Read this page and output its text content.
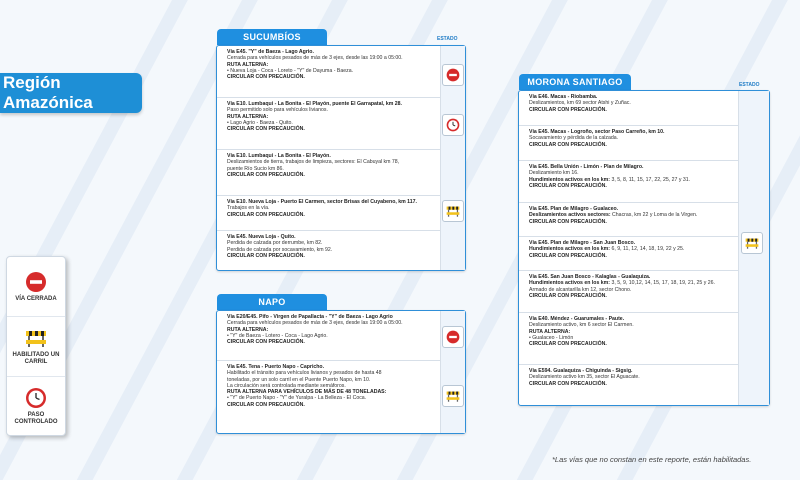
Región Amazónica
VÍA CERRADA
HABILITADO UN CARRIL
PASO CONTROLADO
SUCUMBÍOS	ESTADO
Vía E45. "Y" de Baeza - Lago Agrio.
Cerrada para vehículos pesados de más de 3 ejes, desde las 19:00 a 05:00.
RUTA ALTERNA:
• Nueva Loja - Coca - Loreto - "Y" de Dayuma - Baeza.
CIRCULAR CON PRECAUCIÓN.
Vía E10. Lumbaqui - La Bonita - El Playón, puente El Garrapatal, km 28.
Paso permitido solo para vehículos livianos.
RUTA ALTERNA:
• Lago Agrio - Baeza - Quito.
CIRCULAR CON PRECAUCIÓN.
Vía E10. Lumbaqui - La Bonita - El Playón.
Deslizamientos de tierra, trabajos de limpieza, sectores: El Cabuyal km 78,
puente Río Sucio km 86.
CIRCULAR CON PRECAUCIÓN.
Vía E10. Nueva Loja - Puerto El Carmen, sector Brisas del Cuyabeno, km 117.
Trabajos en la vía.
CIRCULAR CON PRECAUCIÓN.
Vía E45. Nueva Loja - Quito.
Perdida de calzada por derrumbe, km 82.
Perdida de calzada por socavamiento, km 92.
CIRCULAR CON PRECAUCIÓN.
NAPO
Vía E20/E45. Pifo - Virgen de Papallacta - "Y" de Baeza - Lago Agrio
Cerrada para vehículos pesados de más de 3 ejes, desde las 19:00 a 05:00.
RUTA ALTERNA:
• "Y" de Baeza - Lotero - Coca - Lago Agrio.
CIRCULAR CON PRECAUCIÓN.
Vía E45. Tena - Puerto Napo - Capricho.
Habilitado el tránsito para vehículos livianos y pesados de hasta 48
toneladas, por un solo carril en el Puente Puerto Napo, km 10.
La circulación será controlada mediante semáforos.
RUTA ALTERNA PARA VEHÍCULOS DE MÁS DE 48 TONELADAS:
• "Y" de Puerto Napo - "Y" de Yuralpa - La Belleza - El Coca.
CIRCULAR CON PRECAUCIÓN.
MORONA SANTIAGO	ESTADO
Vía E46. Macas - Riobamba.
Deslizamientos, km 69 sector Atshi y Zuñac.
CIRCULAR CON PRECAUCIÓN.
Vía E45. Macas - Logroño, sector Paso Carreño, km 10.
Socavamiento y pérdida de la calzada.
CIRCULAR CON PRECAUCIÓN.
Vía E45. Bella Unión - Limón - Plan de Milagro.
Deslizamiento km 16.
Hundimientos activos en los km: 3, 5, 8, 11, 15, 17, 22, 25, 27 y 31.
CIRCULAR CON PRECAUCIÓN.
Vía E45. Plan de Milagro - Gualaceo.
Deslizamientos activos sectores: Chacras, km 22 y Loma de la Virgen.
CIRCULAR CON PRECAUCIÓN.
Vía E45. Plan de Milagro - San Juan Bosco.
Hundimientos activos en los km: 6, 9, 11, 12, 14, 18, 19, 22 y 25.
CIRCULAR CON PRECAUCIÓN.
Vía E45. San Juan Bosco - Kalaglas - Gualaquiza.
Hundimientos activos en los km: 3, 5, 9, 10,12, 14, 15, 17, 18, 19, 21, 25 y 26.
Armado de alcantarilla km 12, sector Chono.
CIRCULAR CON PRECAUCIÓN.
Vía E40. Méndez - Guarumales - Paute.
Deslizamiento activo, km 6 sector El Carmen.
RUTA ALTERNA:
• Gualaceo - Limón
CIRCULAR CON PRECAUCIÓN.
Vía E594. Gualaquiza - Chiguinda - Sigsig.
Deslizamiento activo km 35, sector El Aguacate.
CIRCULAR CON PRECAUCIÓN.
*Las vías que no constan en este reporte, están habilitadas.
